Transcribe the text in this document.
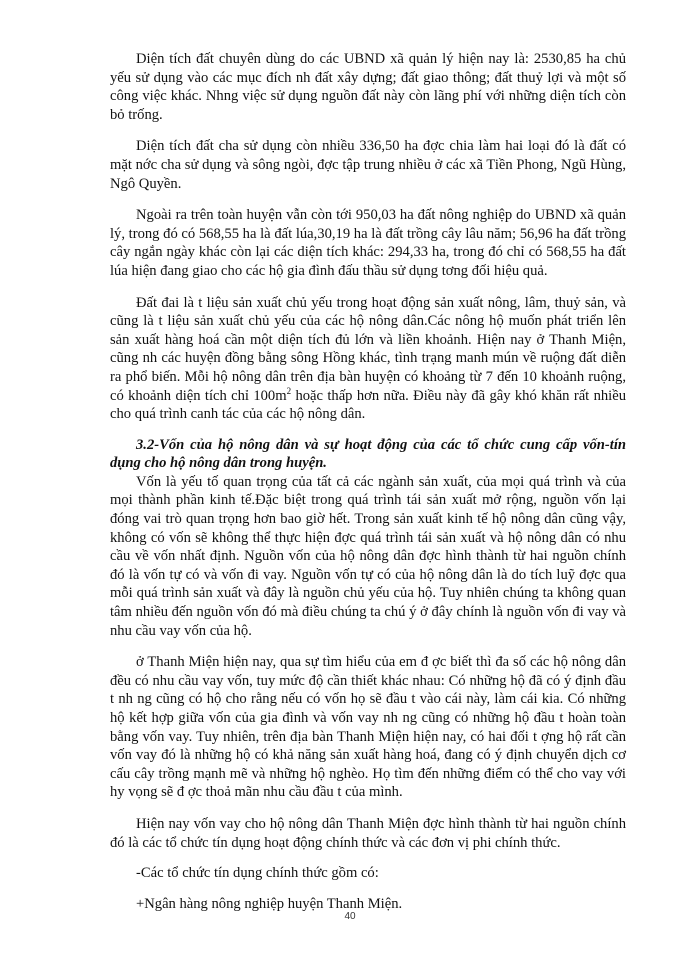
Diện tích đất chuyên dùng do các UBND xã quản lý hiện nay là: 2530,85 ha chủ yếu sử dụng vào các mục đích nh đất xây dựng; đất giao thông; đất thuỷ lợi và một số công việc khác. Nhng việc sử dụng nguồn đất này còn lãng phí với những diện tích còn bỏ trống.

Diện tích đất cha sử dụng còn nhiều 336,50 ha đợc chia làm hai loại đó là đất có mặt nớc cha sử dụng và sông ngòi, đợc tập trung nhiều ở các xã Tiền Phong, Ngũ Hùng, Ngô Quyền.

Ngoài ra trên toàn huyện vẫn còn tới 950,03 ha đất nông nghiệp do UBND xã quản lý, trong đó có 568,55 ha là đất lúa,30,19 ha là đất trồng cây lâu năm; 56,96 ha đất trồng cây ngắn ngày khác còn lại các diện tích khác: 294,33 ha, trong đó chỉ có 568,55 ha đất lúa hiện đang giao cho các hộ gia đình đấu thầu sử dụng tơng đối hiệu quả.

Đất đai là t liệu sản xuất chủ yếu trong hoạt động sản xuất nông, lâm, thuỷ sản, và cũng là t liệu sản xuất chủ yếu của các hộ nông dân.Các nông hộ muốn phát triển lên sản xuất hàng hoá cần một diện tích đủ lớn và liền khoảnh. Hiện nay ở Thanh Miện, cũng nh các huyện đồng bằng sông Hồng khác, tình trạng manh mún về ruộng đất diễn ra phổ biến. Mỗi hộ nông dân trên địa bàn huyện có khoảng từ 7 đến 10 khoảnh ruộng, có khoảnh diện tích chỉ $100m^2$ hoặc thấp hơn nữa. Điều này đã gây khó khăn rất nhiều cho quá trình canh tác của các hộ nông dân.

3.2-Vốn của hộ nông dân và sự hoạt động của các tổ chức cung cấp vốn-tín dụng cho hộ nông dân trong huyện.

Vốn là yếu tố quan trọng của tất cả các ngành sản xuất, của mọi quá trình và của mọi thành phần kinh tế.Đặc biệt trong quá trình tái sản xuất mở rộng, nguồn vốn lại đóng vai trò quan trọng hơn bao giờ hết. Trong sản xuất kinh tế hộ nông dân cũng vậy, không có vốn sẽ không thể thực hiện đợc quá trình tái sản xuất và hộ nông dân có nhu cầu về vốn nhất định. Nguồn vốn của hộ nông dân đợc hình thành từ hai nguồn chính đó là vốn tự có và vốn đi vay. Nguồn vốn tự có của hộ nông dân là do tích luỹ đợc qua mỗi quá trình sản xuất và đây là nguồn chủ yếu của hộ. Tuy nhiên chúng ta không quan tâm nhiều đến nguồn vốn đó mà điều chúng ta chú ý ở đây chính là nguồn vốn đi vay và nhu cầu vay vốn của hộ.

ở Thanh Miện hiện nay, qua sự tìm hiểu của em đ ợc biết thì đa số các hộ nông dân đều có nhu cầu vay vốn, tuy mức độ cần thiết khác nhau: Có những hộ đã có ý định đầu t nh ng cũng có hộ cho rằng nếu có vốn họ sẽ đầu t vào cái này, làm cái kia. Có những hộ kết hợp giữa vốn của gia đình và vốn vay nh ng cũng có những hộ đầu t hoàn toàn bằng vốn vay. Tuy nhiên, trên địa bàn Thanh Miện hiện nay, có hai đối t ợng hộ rất cần vốn vay đó là những hộ có khả năng sản xuất hàng hoá, đang có ý định chuyển dịch cơ cấu cây trồng mạnh mẽ và những hộ nghèo. Họ tìm đến những điểm có thể cho vay với hy vọng sẽ đ ợc thoả mãn nhu cầu đầu t của mình.

Hiện nay vốn vay cho hộ nông dân Thanh Miện đợc hình thành từ hai nguồn chính đó là các tổ chức tín dụng hoạt động chính thức và các đơn vị phi chính thức.

-Các tổ chức tín dụng chính thức gồm có:

+Ngân hàng nông nghiệp huyện Thanh Miện.

40
